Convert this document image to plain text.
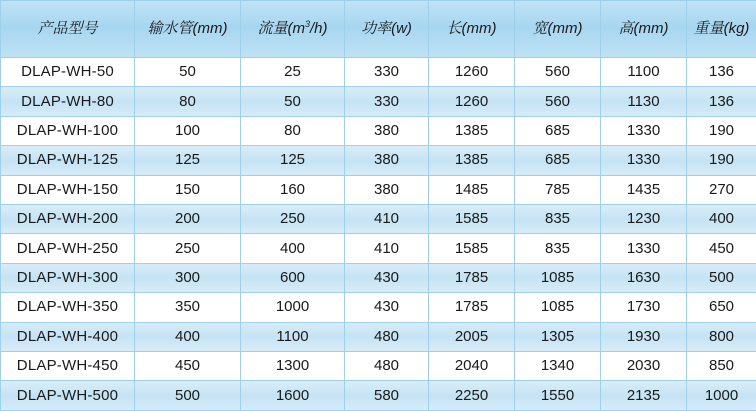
产品型号	输水管(mm)	流量$(m^3/h)$	功率(w)	长(mm)	宽(mm)	高(mm)	重量(kg)
DLAP-WH-50	50	25	330	1260	560	1100	136
DLAP-WH-80	80	50	330	1260	560	1130	136
DLAP-WH-100	100	80	380	1385	685	1330	190
DLAP-WH-125	125	125	380	1385	685	1330	190
DLAP-WH-150	150	160	380	1485	785	1435	270
DLAP-WH-200	200	250	410	1585	835	1230	400
DLAP-WH-250	250	400	410	1585	835	1330	450
DLAP-WH-300	300	600	430	1785	1085	1630	500
DLAP-WH-350	350	1000	430	1785	1085	1730	650
DLAP-WH-400	400	1100	480	2005	1305	1930	800
DLAP-WH-450	450	1300	480	2040	1340	2030	850
DLAP-WH-500	500	1600	580	2250	1550	2135	1000
